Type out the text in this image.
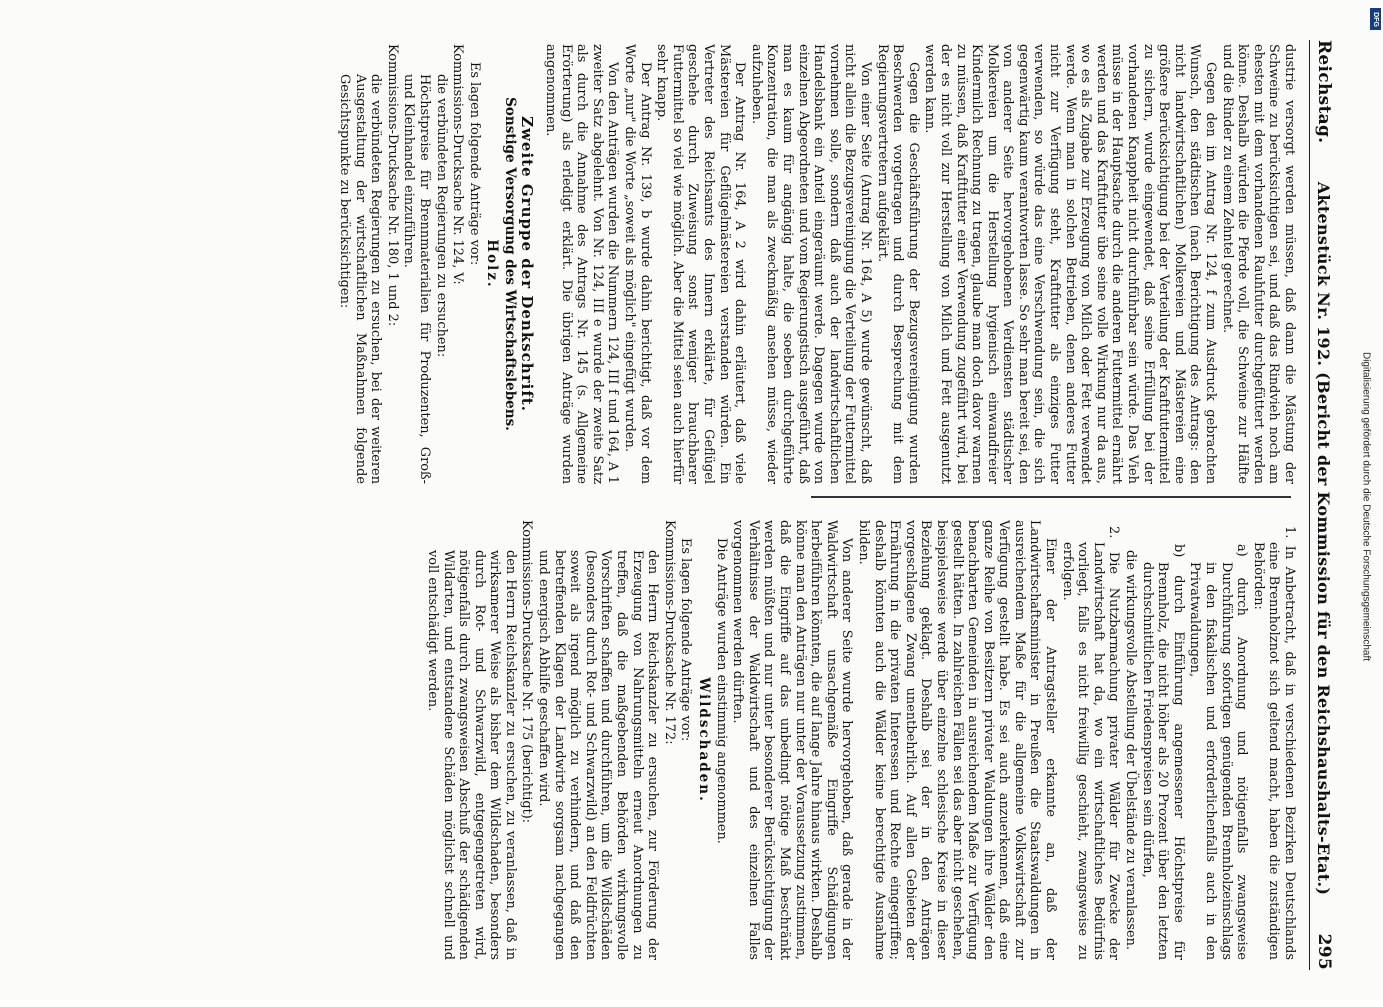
Reichstag.
Aktenstück Nr. 192. (Bericht der Kommission für den Reichshaushalts-Etat.)
295

dustrie versorgt werden müssen, daß dann die Mästung der Schweine zu berücksichtigen sei, und daß das Rindvieh noch am ehesten mit dem vorhandenen Rauhfutter durchgefüttert werden könne. Deshalb würden die Pferde voll, die Schweine zur Hälfte und die Rinder zu einem Zehntel gerechnet.

Gegen den im Antrag Nr. 124, f zum Ausdruck gebrachten Wunsch, den städtischen (nach Berichtigung des Antrags: den nicht landwirtschaftlichen) Molkereien und Mästereien eine größere Berücksichtigung bei der Verteilung der Kraftfuttermittel zu sichern, wurde eingewendet, daß seine Erfüllung bei der vorhandenen Knappheit nicht durchführbar sein würde. Das Vieh müsse in der Hauptsache durch die anderen Futtermittel ernährt werden und das Kraftfutter übe seine volle Wirkung nur da aus, wo es als Zugabe zur Erzeugung von Milch oder Fett verwendet werde. Wenn man in solchen Betrieben, denen anderes Futter nicht zur Verfügung steht, Kraftfutter als einziges Futter verwenden, so würde das eine Verschwendung sein, die sich gegenwärtig kaum verantworten lasse. So sehr man bereit sei, den von anderer Seite hervorgehobenen Verdiensten städtischer Molkereien um die Herstellung hygienisch einwandfreier Kindermilch Rechnung zu tragen, glaube man doch davor warnen zu müssen, daß Kraftfutter einer Verwendung zugeführt wird, bei der es nicht voll zur Herstellung von Milch und Fett ausgenutzt werden kann.

Gegen die Geschäftsführung der Bezugsvereinigung wurden Beschwerden vorgetragen und durch Besprechung mit dem Regierungsvertretern aufgeklärt.

Von einer Seite (Antrag Nr. 164, A 5) wurde gewünscht, daß nicht allein die Bezugsvereinigung die Verteilung der Futtermittel vornehmen solle, sondern daß auch der landwirtschaftlichen Handelsbank ein Anteil eingeräumt werde. Dagegen wurde von einzelnen Abgeordneten und vom Regierungstisch ausgeführt, daß man es kaum für angängig halte, die soeben durchgeführte Konzentration, die man als zweckmäßig ansehen müsse, wieder aufzuheben.

Der Antrag Nr. 164, A 2 wird dahin erläutert, daß viele Mästereien für Geflügelmästereien verstanden würden. Ein Vertreter des Reichsamts des Innern erklärte, für Geflügel geschehe durch Zuweisung sonst weniger brauchbarer Futtermittel so viel wie möglich. Aber die Mittel seien auch hierfür sehr knapp.

Der Antrag Nr. 139, b wurde dahin berichtigt, daß vor dem Worte „nur" die Worte „soweit als möglich" eingefügt wurden.

Von den Anträgen wurden die Nummern 124, III f und 164, A 1 zweiter Satz abgelehnt. Von Nr. 124, III e wurde der zweite Satz als durch die Annahme des Antrags Nr. 145 (s. Allgemeine Erörterung) als erledigt erklärt. Die übrigen Anträge wurden angenommen.

Zweite Gruppe der Denkschrift.
Sonstige Versorgung des Wirtschaftslebens.
Holz.

Es lagen folgende Anträge vor:

Kommissions-Drucksache Nr. 124, V:

die verbündeten Regierungen zu ersuchen:

Höchstpreise für Brennmaterialien für Produzenten, Groß- und Kleinhandel einzuführen.

Kommissions-Drucksache Nr. 180, 1 und 2:

die verbündeten Regierungen zu ersuchen, bei der weiteren Ausgestaltung der wirtschaftlichen Maßnahmen folgende Gesichtspunkte zu berücksichtigen:

1. In Anbetracht, daß in verschiedenen Bezirken Deutschlands eine Brennholznot sich geltend macht, haben die zuständigen Behörden:

a) durch Anordnung und nötigenfalls zwangsweise Durchführung sofortigen genügenden Brennholzeinschlags in den fiskalischen und erforderlichenfalls auch in den Privatwaldungen,

b) durch Einführung angemessener Höchstpreise für Brennholz, die nicht höher als 20 Prozent über den letzten durchschnittlichen Friedenspreisen sein dürfen,

die wirkungsvolle Abstellung der Übelstände zu veranlassen.

2. Die Nutzbarmachung privater Wälder für Zwecke der Landwirtschaft hat da, wo ein wirtschaftliches Bedürfnis vorliegt, falls es nicht freiwillig geschieht, zwangsweise zu erfolgen.

Einer der Antragsteller erkannte an, daß der Landwirtschaftsminister in Preußen die Staatswaldungen in ausreichendem Maße für die allgemeine Volkswirtschaft zur Verfügung gestellt habe. Es sei auch anzuerkennen, daß eine ganze Reihe von Besitzern privater Waldungen ihre Wälder den benachbarten Gemeinden in ausreichendem Maße zur Verfügung gestellt hätten. In zahlreichen Fällen sei das aber nicht geschehen, beispielsweise werde über einzelne schlesische Kreise in dieser Beziehung geklagt. Deshalb sei der in den Anträgen vorgeschlagene Zwang unentbehrlich. Auf allen Gebieten der Ernährung in die privaten Interessen und Rechte eingegriffen; deshalb könnten auch die Wälder keine berechtigte Ausnahme bilden.

Von anderer Seite wurde hervorgehoben, daß gerade in der Waldwirtschaft unsachgemäße Eingriffe Schädigungen herbeiführen könnten, die auf lange Jahre hinaus wirkten. Deshalb könne man den Anträgen nur unter der Voraussetzung zustimmen, daß die Eingriffe auf das unbedingt nötige Maß beschränkt werden müßten und nur unter besonderer Berücksichtigung der Verhältnisse der Waldwirtschaft und des einzelnen Falles vorgenommen werden dürften.

Die Anträge wurden einstimmig angenommen.

Wildschaden.

Es lagen folgende Anträge vor:

Kommissions-Drucksache Nr. 172:

den Herrn Reichskanzler zu ersuchen, zur Förderung der Erzeugung von Nahrungsmitteln erneut Anordnungen zu treffen, daß die maßgebenden Behörden wirkungsvolle Vorschriften schaffen und durchführen, um die Wildschäden (besonders durch Rot- und Schwarzwild) an den Feldfrüchten soweit als irgend möglich zu verhindern, und daß den betreffenden Klagen der Landwirte sorgsam nachgegangen und energisch Abhilfe geschaffen wird.

Kommissions-Drucksache Nr. 175 (berichtigt):

den Herrn Reichskanzler zu ersuchen, zu veranlassen, daß in wirksamerer Weise als bisher dem Wildschaden, besonders durch Rot- und Schwarzwild, entgegengetreten wird, nötigenfalls durch zwangsweisen Abschuß der schädigenden Wildarten, und entstandene Schäden möglichst schnell und voll entschädigt werden.	Digitalisierung gefördert durch die Deutsche Forschungsgemeinschaft
DFG
